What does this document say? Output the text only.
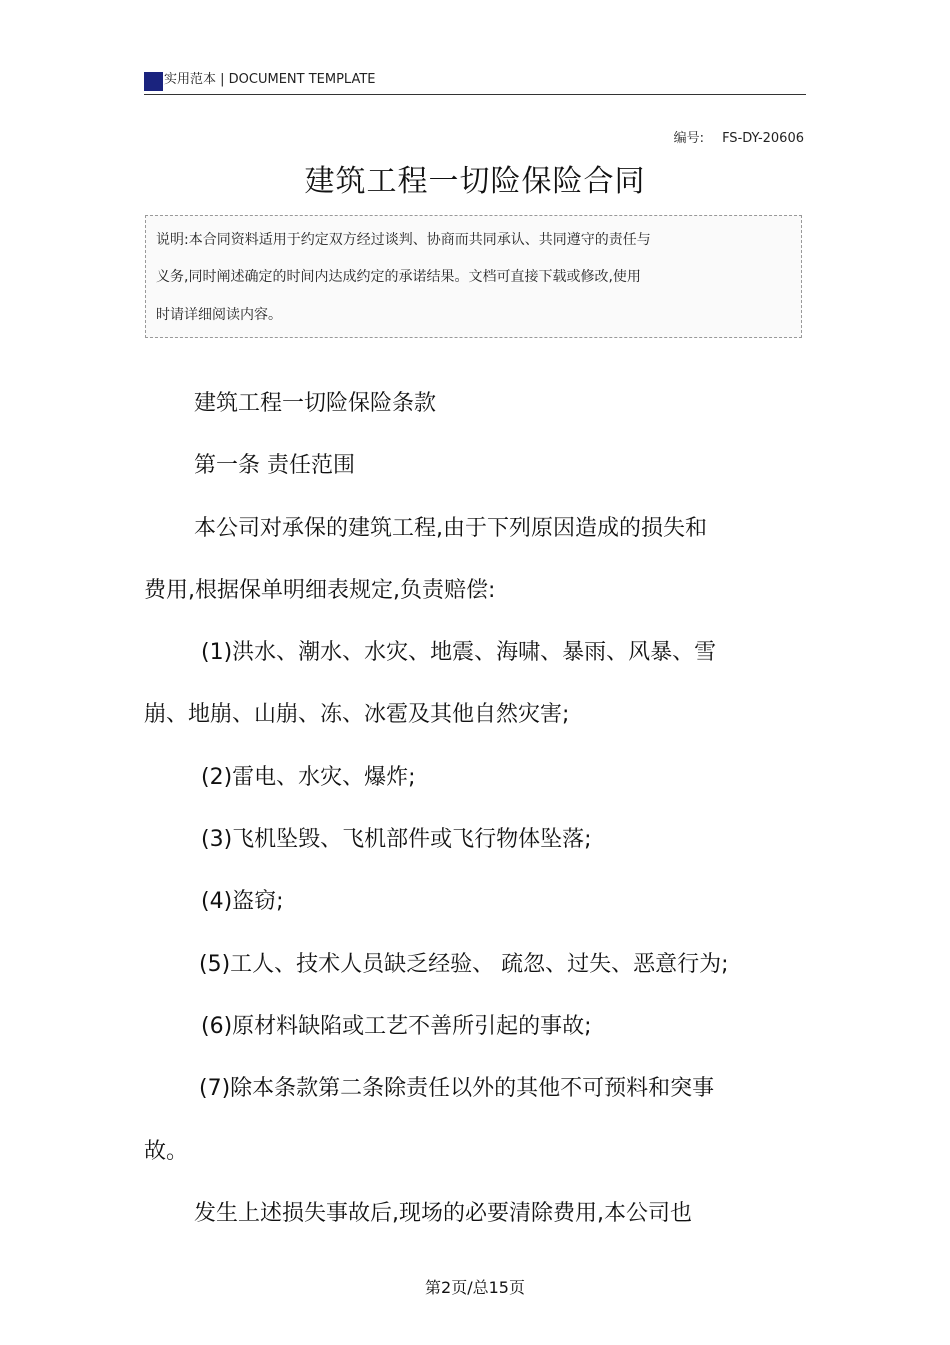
实用范本 | DOCUMENT TEMPLATE
编号: FS-DY-20606
建筑工程一切险保险合同
说明:本合同资料适用于约定双方经过谈判、协商而共同承认、共同遵守的责任与
义务,同时阐述确定的时间内达成约定的承诺结果。文档可直接下载或修改,使用
时请详细阅读内容。
建筑工程一切险保险条款
第一条 责任范围
本公司对承保的建筑工程,由于下列原因造成的损失和
费用,根据保单明细表规定,负责赔偿:
(1)洪水、潮水、水灾、地震、海啸、暴雨、风暴、雪
崩、地崩、山崩、冻、冰雹及其他自然灾害;
(2)雷电、水灾、爆炸;
(3)飞机坠毁、飞机部件或飞行物体坠落;
(4)盗窃;
(5)工人、技术人员缺乏经验、 疏忽、过失、恶意行为;
(6)原材料缺陷或工艺不善所引起的事故;
(7)除本条款第二条除责任以外的其他不可预料和突事
故。
发生上述损失事故后,现场的必要清除费用,本公司也
第2页/总15页
